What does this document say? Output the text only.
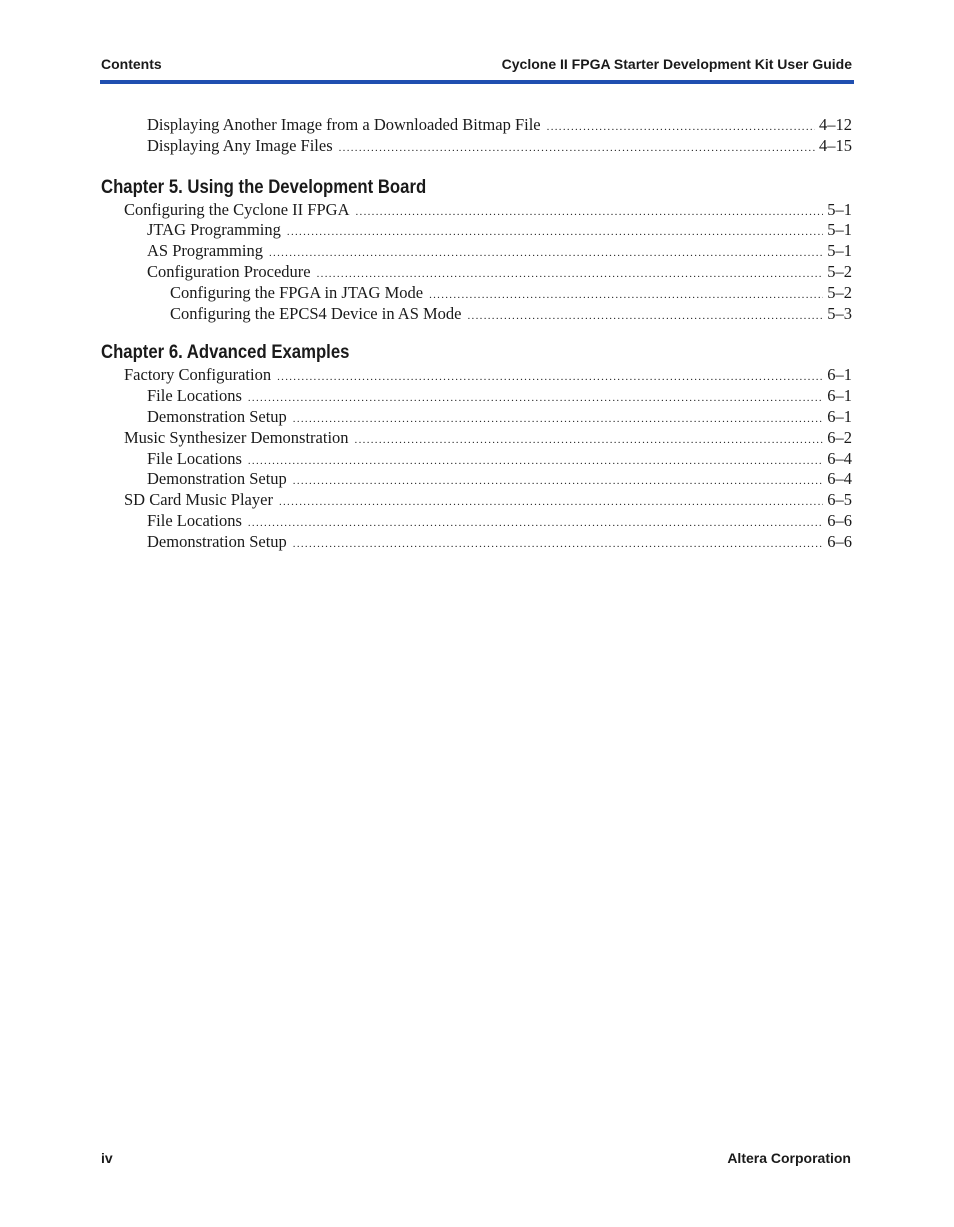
Contents	Cyclone II FPGA Starter Development Kit User Guide
Displaying Another Image from a Downloaded Bitmap File .....	4–12
Displaying Any Image Files .....	4–15
Chapter 5. Using the Development Board
Configuring the Cyclone II FPGA .....	5–1
JTAG Programming .....	5–1
AS Programming .....	5–1
Configuration Procedure .....	5–2
Configuring the FPGA in JTAG Mode .....	5–2
Configuring the EPCS4 Device in AS Mode .....	5–3
Chapter 6. Advanced Examples
Factory Configuration .....	6–1
File Locations .....	6–1
Demonstration Setup .....	6–1
Music Synthesizer Demonstration .....	6–2
File Locations .....	6–4
Demonstration Setup .....	6–4
SD Card Music Player .....	6–5
File Locations .....	6–6
Demonstration Setup .....	6–6
iv	Altera Corporation
